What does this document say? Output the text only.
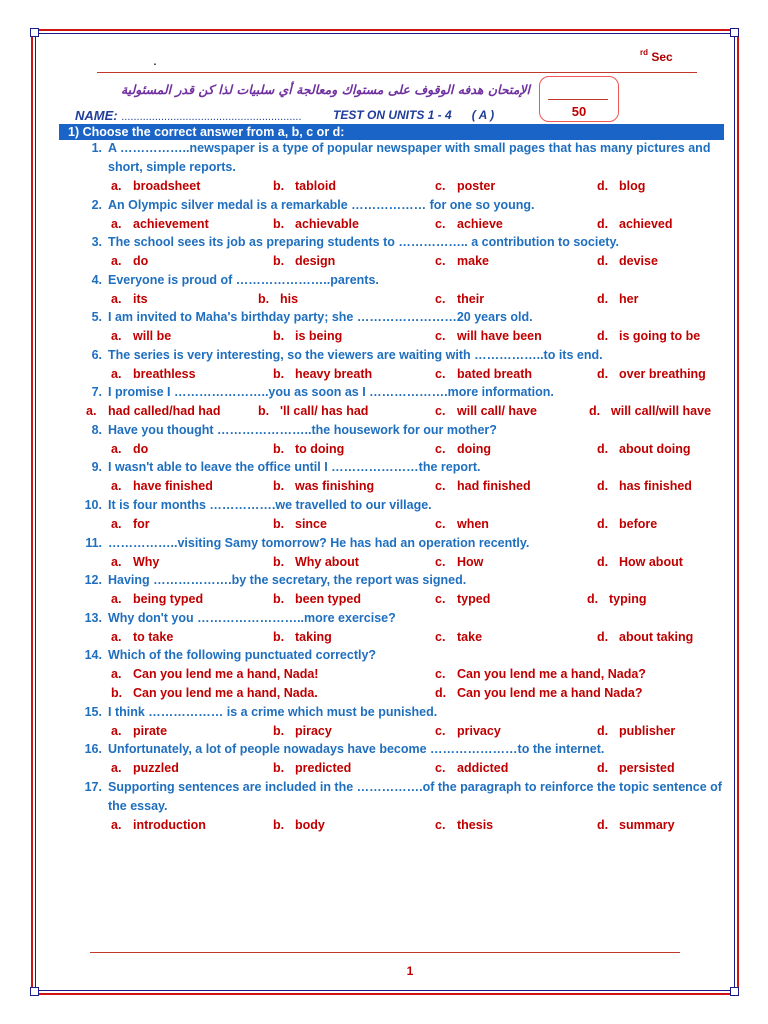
.	$^{rd}$ Sec
الإمتحان هدفه الوقوف على مستواك ومعالجة أي سلبيات لذا كن قدر المسئولية
50
NAME: ...........................................................	TEST ON UNITS 1 - 4 ( A )
1) Choose the correct answer from a, b, c or d:
1. A ……………..newspaper is a type of popular newspaper with small pages that has many pictures and
short, simple reports.
a. broadsheet	b. tabloid	c. poster	d. blog
2. An Olympic silver medal is a remarkable ……………… for one so young.
a. achievement	b. achievable	c. achieve	d. achieved
3. The school sees its job as preparing students to …………….. a contribution to society.
a. do	b. design	c. make	d. devise
4. Everyone is proud of …………………..parents.
a. its	b. his	c. their	d. her
5. I am invited to Maha's birthday party; she ……………………20 years old.
a. will be	b. is being	c. will have been	d. is going to be
6. The series is very interesting, so the viewers are waiting with ……………..to its end.
a. breathless	b. heavy breath	c. bated breath	d. over breathing
7. I promise I …………………..you as soon as I ……………….more information.
a. had called/had had	b. 'll call/ has had	c. will call/ have	d. will call/will have
8. Have you thought …………………..the housework for our mother?
a. do	b. to doing	c. doing	d. about doing
9. I wasn't able to leave the office until I …………………the report.
a. have finished	b. was finishing	c. had finished	d. has finished
10. It is four months …………….we travelled to our village.
a. for	b. since	c. when	d. before
11. ……………..visiting Samy tomorrow? He has had an operation recently.
a. Why	b. Why about	c. How	d. How about
12. Having ……………….by the secretary, the report was signed.
a. being typed	b. been typed	c. typed	d. typing
13. Why don't you ……………………..more exercise?
a. to take	b. taking	c. take	d. about taking
14. Which of the following punctuated correctly?
a. Can you lend me a hand, Nada!	c. Can you lend me a hand, Nada?
b. Can you lend me a hand, Nada.	d. Can you lend me a hand Nada?
15. I think ……………… is a crime which must be punished.
a. pirate	b. piracy	c. privacy	d. publisher
16. Unfortunately, a lot of people nowadays have become …………………to the internet.
a. puzzled	b. predicted	c. addicted	d. persisted
17. Supporting sentences are included in the …………….of the paragraph to reinforce the topic sentence of
the essay.
a. introduction	b. body	c. thesis	d. summary
1
